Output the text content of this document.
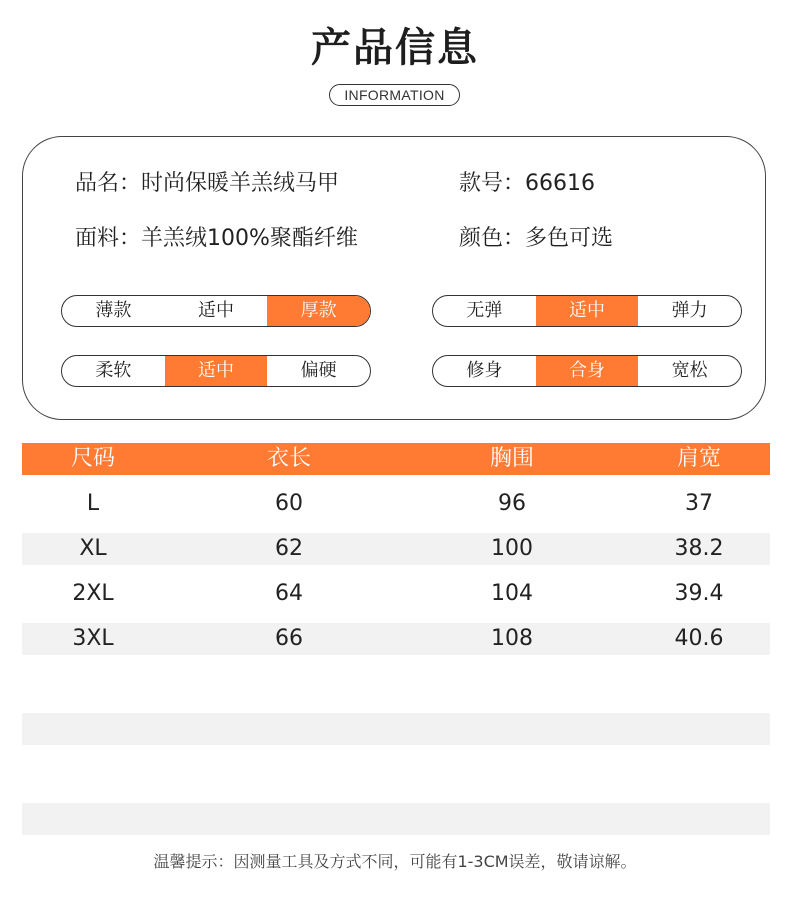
产品信息
INFORMATION
品名：时尚保暖羊羔绒马甲	款号：66616
面料：羊羔绒100%聚酯纤维	颜色：多色可选
薄款	适中	厚款	无弹	适中	弹力
柔软	适中	偏硬	修身	合身	宽松
尺码	衣长	胸围	肩宽
L	60	96	37
XL	62	100	38.2
2XL	64	104	39.4
3XL	66	108	40.6
温馨提示：因测量工具及方式不同，可能有1-3CM误差，敬请谅解。
